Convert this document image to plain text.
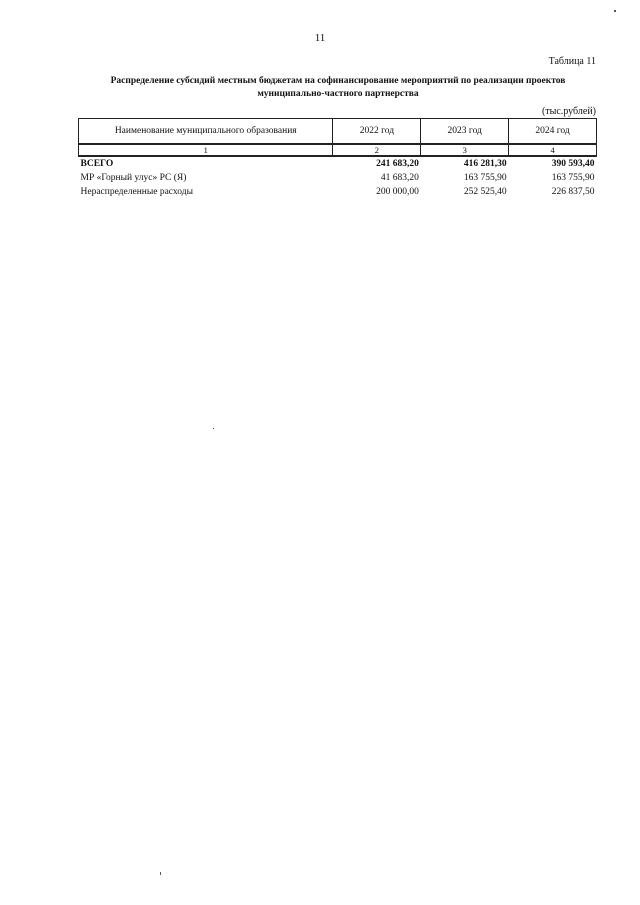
11
Таблица 11
Распределение субсидий местным бюджетам на софинансирование мероприятий по реализации проектов
муниципально-частного партнерства
(тыс.рублей)
Наименование муниципального образования	2022 год	2023 год	2024 год
1	2	3	4
ВСЕГО	241 683,20	416 281,30	390 593,40
МР «Горный улус» РС (Я)	41 683,20	163 755,90	163 755,90
Нераспределенные расходы	200 000,00	252 525,40	226 837,50
